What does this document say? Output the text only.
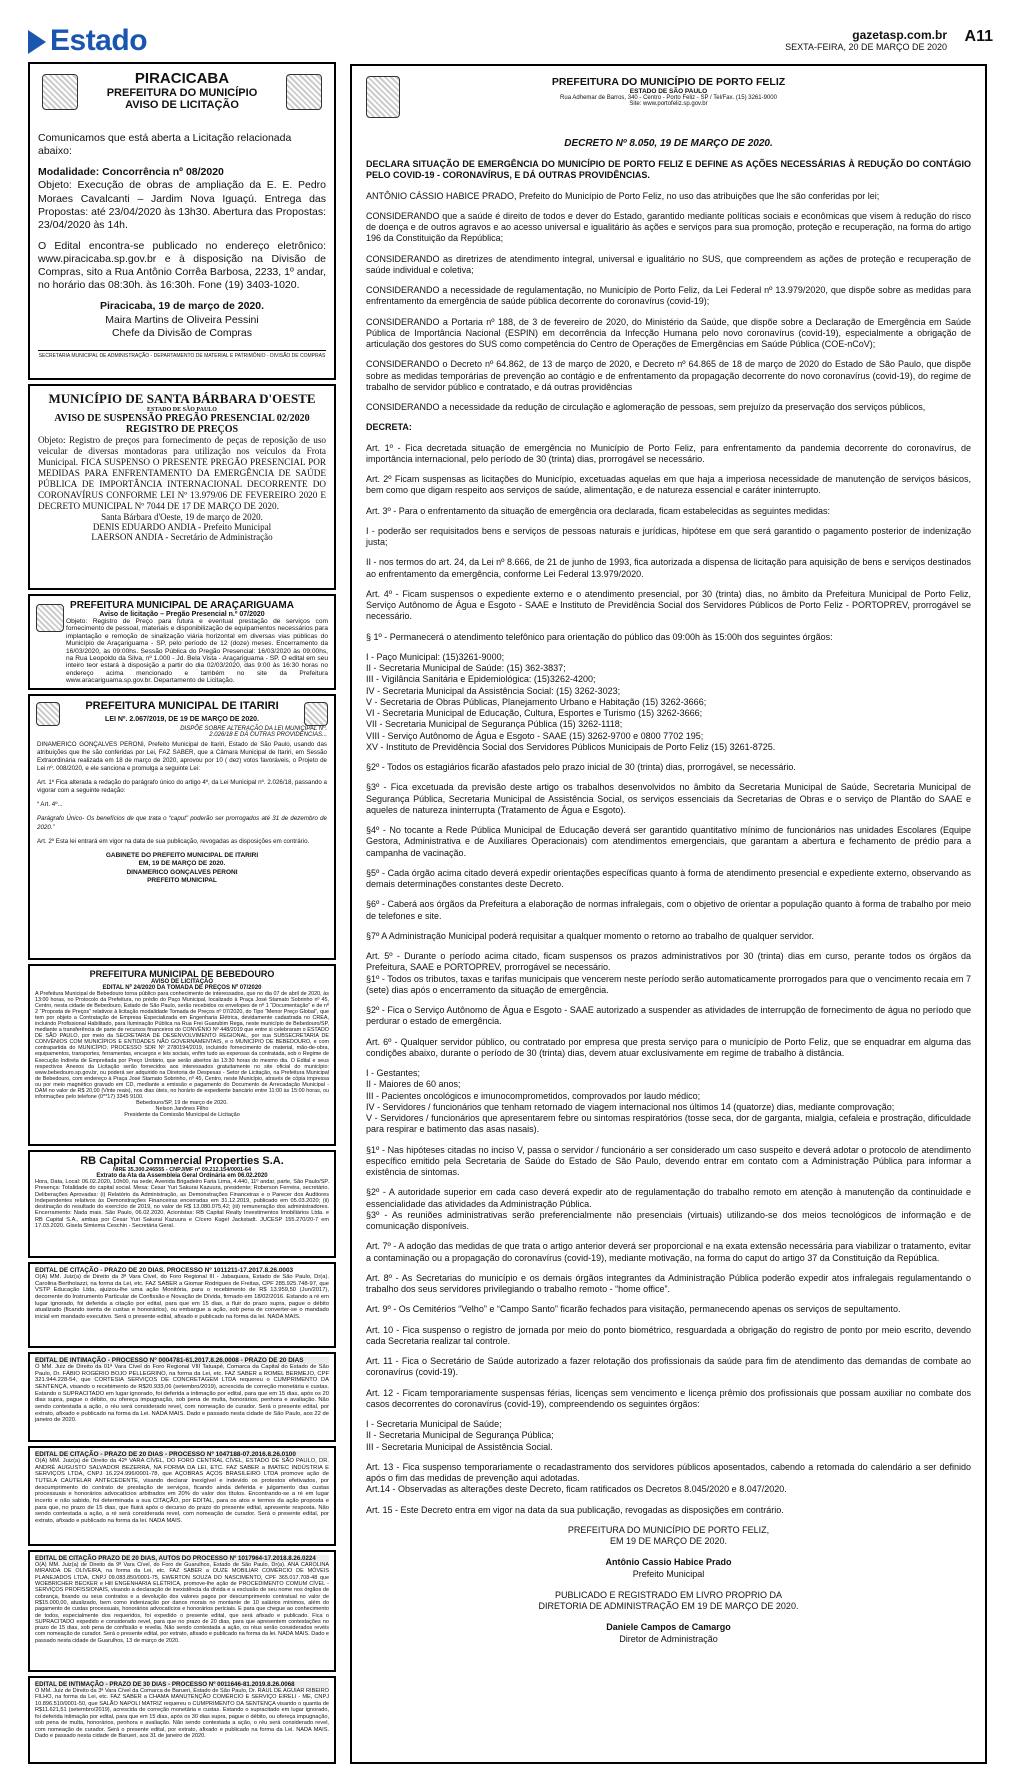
Estado	gazetasp.com.br
SEXTA-FEIRA, 20 DE MARÇO DE 2020
A11
PIRACICABA
PREFEITURA DO MUNICÍPIO
AVISO DE LICITAÇÃO
Comunicamos que está aberta a Licitação relacionada abaixo:
Modalidade: Concorrência nº 08/2020
Objeto: Execução de obras de ampliação da E. E. Pedro Moraes Cavalcanti – Jardim Nova Iguaçú. Entrega das Propostas: até 23/04/2020 às 13h30. Abertura das Propostas: 23/04/2020 às 14h.
O Edital encontra-se publicado no endereço eletrônico: www.piracicaba.sp.gov.br e à disposição na Divisão de Compras, sito a Rua Antônio Corrêa Barbosa, 2233, 1º andar, no horário das 08:30h. às 16:30h. Fone (19) 3403-1020.
Piracicaba, 19 de março de 2020.
Maira Martins de Oliveira Pessini
Chefe da Divisão de Compras
SECRETARIA MUNICIPAL DE ADMINISTRAÇÃO - DEPARTAMENTO DE MATERIAL E PATRIMÔNIO - DIVISÃO DE COMPRAS
MUNICÍPIO DE SANTA BÁRBARA D'OESTE
ESTADO DE SÃO PAULO
AVISO DE SUSPENSÃO PREGÃO PRESENCIAL 02/2020
REGISTRO DE PREÇOS
Objeto: Registro de preços para fornecimento de peças de reposição de uso veicular de diversas montadoras para utilização nos veículos da Frota Municipal. FICA SUSPENSO O PRESENTE PREGÃO PRESENCIAL POR MEDIDAS PARA ENFRENTAMENTO DA EMERGÊNCIA DE SAÚDE PÚBLICA DE IMPORTÂNCIA INTERNACIONAL DECORRENTE DO CORONAVÍRUS CONFORME LEI Nº 13.979/06 DE FEVEREIRO 2020 E DECRETO MUNICIPAL Nº 7044 DE 17 DE MARÇO DE 2020.
Santa Bárbara d'Oeste, 19 de março de 2020.
DENIS EDUARDO ANDIA - Prefeito Municipal
LAERSON ANDIA - Secretário de Administração
PREFEITURA MUNICIPAL DE ARAÇARIGUAMA
Aviso de licitação – Pregão Presencial n.º 07/2020
Objeto: Registro de Preço para futura e eventual prestação de serviços com fornecimento de pessoal, materiais e disponibilização de equipamentos necessários para implantação e remoção de sinalização viária horizontal em diversas vias públicas do Município de Araçariguama - SP, pelo período de 12 (doze) meses. Encerramento da 16/03/2020, às 09:00hs. Sessão Pública do Pregão Presencial: 16/03/2020 às 09:00hs, na Rua Leopoldo da Silva, nº 1.000 - Jd. Bela Vista - Araçariguama - SP. O edital em seu inteiro teor estará à disposição a partir do dia 02/03/2020, das 9:00 às 16:30 horas no endereço acima mencionado e também no site da Prefeitura www.aracariguama.sp.gov.br. Departamento de Licitação.
PREFEITURA MUNICIPAL DE ITARIRI
LEI Nº. 2.067/2019, DE 19 DE MARÇO DE 2020.
DISPÕE SOBRE ALTERAÇÃO DA LEI MUNICIPAL Nº. 2.026/18 E DÁ OUTRAS PROVIDÊNCIAS...

DINAMERICO GONÇALVES PERONI, Prefeito Municipal de Itariri, Estado de São Paulo, usando das atribuições que lhe são conferidas por Lei, FAZ SABER, que a Câmara Municipal de Itariri, em Sessão Extraordinária realizada em 18 de março de 2020, aprovou por 10 ( dez) votos favoráveis, o Projeto de Lei nº. 008/2020, e ele sanciona e promulga a seguinte Lei:

Art. 1º Fica alterada a redação do parágrafo único do artigo 4º, da Lei Municipal nº. 2.026/18, passando a vigorar com a seguinte redação:

“ Art. 4º...

Parágrafo Único- Os benefícios de que trata o “caput” poderão ser prorrogados até 31 de dezembro de 2020.”

Art. 2º Esta lei entrará em vigor na data de sua publicação, revogadas as disposições em contrário.

GABINETE DO PREFEITO MUNICIPAL DE ITARIRI
EM, 19 DE MARÇO DE 2020.
DINAMERICO GONÇALVES PERONI
PREFEITO MUNICIPAL
PREFEITURA MUNICIPAL DE BEBEDOURO
AVISO DE LICITAÇÃO
EDITAL Nº 24/2020 DA TOMADA DE PREÇOS Nº 07/2020
A Prefeitura Municipal de Bebedouro torna público para conhecimento de interessados, que no dia 07 de abril de 2020, às 13:00 horas, no Protocolo da Prefeitura, no prédio do Paço Municipal, localizado à Praça José Stamato Sobrinho nº 45, Centro, nesta cidade de Bebedouro, Estado de São Paulo, serão recebidos os envelopes de nº 1 “Documentação” e de nº 2 “Proposta de Preços” relativos à licitação modalidade Tomada de Preços nº 07/2020, do Tipo “Menor Preço Global”, que tem por objeto a Contratação de Empresa Especializada em Engenharia Elétrica, devidamente cadastrada no CREA, incluindo Profissional Habilitado, para Iluminação Pública na Rua Frei Guarubim Rega, neste município de Bebedouro/SP, mediante a transferência de parte de recursos financeiros do CONVÊNIO Nº 448/2019 que entre si celebraram o ESTADO DE SÃO PAULO, por meio da SECRETARIA DE DESENVOLVIMENTO REGIONAL, por sua SUBSECRETARIA DE CONVÊNIOS COM MUNICÍPIOS E ENTIDADES NÃO GOVERNAMENTAIS, e o MUNICÍPIO DE BEBEDOURO, e com contrapartida do MUNICÍPIO. PROCESSO SDR Nº 2780194/2019, incluindo fornecimento de material, mão-de-obra, equipamentos, transportes, ferramentas, encargos e leis sociais, enfim tudo as expensas da contratada, sob o Regime de Execução Indireta de Empreitada por Preço Unitário, que serão abertos às 13:30 horas do mesmo dia. O Edital e seus respectivos Anexos da Licitação serão fornecidos aos interessados gratuitamente no site oficial do município: www.bebedouro.sp.gov.br, ou poderá ser adquirido na Diretoria de Despesas - Setor de Licitação, na Prefeitura Municipal de Bebedouro, com endereço à Praça José Stamato Sobrinho, nº 45, Centro, neste Município, através de cópia impressa ou por meio magnético gravado em CD, mediante a emissão e pagamento do Documento de Arrecadação Municipal - DAM no valor de R$ 20,00 (Vinte reais), nos dias úteis, no horário de expediente bancário entre 11:00 às 15:00 horas, ou informações pelo telefone (0**17) 3345 9100.
Bebedouro/SP, 19 de março de 2020.
Nelson Janônes Filho
Presidente da Comissão Municipal de Licitação
RB Capital Commercial Properties S.A.
NIRE 35.300.246555 - CNPJ/MF nº 09.212.154/0001-64
Extrato da Ata da Assembleia Geral Ordinária em 06.02.2020
Hora, Data, Local: 06.02.2020, 10h00, na sede, Avenida Brigadeiro Faria Lima, 4.440, 11º andar, parte, São Paulo/SP. Presença: Totalidade do capital social. Mesa: Cesar Yuri Sakurai Kazuura, presidente; Roberson Ferreira, secretário. Deliberações Aprovadas: (i) Relatório da Administração, as Demonstrações Financeiras e o Parecer dos Auditores Independentes relativos às Demonstrações Financeiras encerradas em 31.12.2019, publicado em 05.03.2020; (ii) destinação do resultado do exercício de 2019, no valor de R$ 13.080.075,42; (iii) remuneração dos administradores. Encerramento: Nada mais. São Paulo, 06.02.2020. Acionistas: RB Capital Realty Investimentos Imobiliários Ltda. e RB Capital S.A., ambas por Cesar Yuri Sakurai Kazuura e Cícero Kugel Jackstadt. JUCESP 155.270/20-7 em 17.03.2020. Gisela Simiema Ceschin - Secretária Geral.
EDITAL DE CITAÇÃO - PRAZO DE 20 DIAS. PROCESSO Nº 1011211-17.2017.8.26.0003
O(A) MM. Juiz(a) de Direito da 3ª Vara Cível, do Foro Regional III - Jabaquara, Estado de São Paulo, Dr(a). Carolina Bertholazzi, na forma da Lei, etc. FAZ SABER a Giomar Rodrigues de Freitas, CPF 285.925.748-97, que VSTP Educação Ltda, ajuizou-lhe uma ação Monitória, para o recebimento de R$ 13.959,50 (Jun/2017), decorrente do Instrumento Particular de Confissão e Novação de Dívida, firmado em 18/02/2016. Estando a ré em lugar ignorado, foi deferida a citação por edital, para que em 15 dias, a fluir do prazo supra, pague o débito atualizado (ficando isenta de custas e honorários), ou embargue a ação, sob pena de converter-se o mandado inicial em mandado executivo. Será o presente edital, afixado e publicado na forma da lei. NADA MAIS.
EDITAL DE INTIMAÇÃO - PROCESSO Nº 0004781-61.2017.8.26.0008 - PRAZO DE 20 DIAS
O MM. Juiz de Direito da 01ª Vara Cível do Foro Regional VIII Tatuapé, Comarca da Capital do Estado de São Paulo, Dr. FÁBIO ROGÉRIO BOJO PELLEGRINO, na forma da Lei, etc. FAZ SABER a ROMEL BERMEJO, CPF 321.944.228-54, que CORTESIA SERVIÇOS DE CONCRETAGEM LTDA requereu o CUMPRIMENTO DA SENTENÇA, visando o recebimento de R$20.933,06 (setembro/2019), acrescida de correção monetária e custas. Estando o SUPRACITADO em lugar ignorado, foi deferida a intimação por edital, para que em 15 dias, após os 20 dias supra, pague o débito, ou ofereça impugnação, sob pena de multa, honorários, penhora e avaliação. Não sendo contestada a ação, o réu será considerado revel, com nomeação de curador. Será o presente edital, por extrato, afixado e publicado na forma da Lei. NADA MAIS. Dado e passado nesta cidade de São Paulo, aos 22 de janeiro de 2020.
EDITAL DE CITAÇÃO - PRAZO DE 20 DIAS - PROCESSO Nº 1047188-07.2016.8.26.0100
O(A) MM. Juiz(a) de Direito da 42ª VARA CÍVEL, DO FORO CENTRAL CÍVEL, ESTADO DE SÃO PAULO, DR. ANDRÉ AUGUSTO SALVADOR BEZERRA, NA FORMA DA LEI, ETC. FAZ SABER a IMATEC INDÚSTRIA E SERVIÇOS LTDA, CNPJ 16.224.996/0001-78, que AÇOBRAS AÇOS BRASILEIRO LTDA promove ação de TUTELA CAUTELAR ANTECEDENTE, visando declarar inexigível e indevido os protestos efetivados, por descumprimento do contrato de prestação de serviços, ficando ainda deferida e julgamento das custas processuais e honorários advocatícios arbitrados em 20% do valor dos títulos. Encontrando-se a ré em lugar incerto e não sabido, foi determinada a sua CITAÇÃO, por EDITAL, para os atos e termos da ação proposta e para que, no prazo de 15 dias, que fluirá após o decurso do prazo do presente edital, apresente resposta. Não sendo contestada a ação, a ré será considerada revel, com nomeação de curador. Será o presente edital, por extrato, afixado e publicado na forma da lei. NADA MAIS.
EDITAL DE CITAÇÃO PRAZO DE 20 DIAS, AUTOS DO PROCESSO Nº 1017964-17.2018.8.26.0224
O(A) MM. Juiz(a) de Direito da 9ª Vara Cível, do Foro de Guarulhos, Estado de São Paulo, Dr(a). ANA CAROLINA MIRANDA DE OLIVEIRA, na forma da Lei, etc. FAZ SABER a OUZE MOBILIAR COMÉRCIO DE MÓVEIS PLANEJADOS LTDA, CNPJ 09.083.850/0001-75, EWERTON SOUZA DO NASCIMENTO, CPF 365.017.708-48 que WOEBRICHER BECKER e Hill ENGENHARIA ELÉTRICA, promove-lhe ação de PROCEDIMENTO COMUM CÍVEL - SERVIÇOS PROFISSIONAIS, visando a declaração de inexistência da dívida e a exclusão de seu nome nos órgãos de cobrança, fixando ou seus contratos e a devolução dos valores pagos por descumprimento contratual no valor de R$15.000,00, atualizado, bem como indenização por danos morais no montante de 10 salários mínimos, além do pagamento de custas processuais, honorários advocatícios e honorários periciais. E para que chegue ao conhecimento de todos, especialmente dos requeridos, foi expedido o presente edital, que será afixado e publicado. Fica o SUPRACITADO expedido e considerado revel, para que no prazo de 20 dias, para que apresentem contestações no prazo de 15 dias, sob pena de confissão e revelia. Não sendo contestada a ação, os réus serão considerados revéis com nomeação de curador. Será o presente edital, por extrato, afixado e publicado na forma da lei. NADA MAIS. Dado e passado nesta cidade de Guarulhos, 13 de março de 2020.
EDITAL DE INTIMAÇÃO - PRAZO DE 30 DIAS - PROCESSO Nº 0011646-81.2019.8.26.0068
O MM. Juiz de Direito da 3ª Vara Cível da Comarca de Barueri, Estado de São Paulo, Dr. RAUL DE AGUIAR RIBEIRO FILHO, na forma da Lei, etc. FAZ SABER a CHAMA MANUTENÇÃO COMÉRCIO E SERVIÇO EIRELI - ME, CNPJ 10.896.510/0001-50, que SALÃO NAPOLI MATRIZ requereu o CUMPRIMENTO DA SENTENÇA visando o quantia de R$11.621,51 (setembro/2019), acrescida de correção monetária e custas. Estando o supracitado em lugar ignorado, foi deferida intimação por edital, para que em 15 dias, após os 30 dias supra, pague o débito, ou ofereça impugnação, sob pena de multa, honorários, penhora e avaliação. Não sendo contestada a ação, o réu será considerado revel, com nomeação de curador. Será o presente edital, por extrato, afixado e publicado na forma da Lei. NADA MAIS. Dado e passado nesta cidade de Barueri, aos 31 de janeiro de 2020.
PREFEITURA DO MUNICÍPIO DE PORTO FELIZ
ESTADO DE SÃO PAULO
Rua Adhemar de Barros, 340 - Centro - Porto Feliz - SP / Tel/Fax. (15) 3261-9000
Site: www.portofeliz.sp.gov.br
DECRETO Nº 8.050, 19 DE MARÇO DE 2020.
DECLARA SITUAÇÃO DE EMERGÊNCIA DO MUNICÍPIO DE PORTO FELIZ E DEFINE AS AÇÕES NECESSÁRIAS À REDUÇÃO DO CONTÁGIO PELO COVID-19 - CORONAVÍRUS, E DÁ OUTRAS PROVIDÊNCIAS.

ANTÔNIO CÁSSIO HABICE PRADO, Prefeito do Município de Porto Feliz, no uso das atribuições que lhe são conferidas por lei;

CONSIDERANDO que a saúde é direito de todos e dever do Estado, garantido mediante políticas sociais e econômicas que visem à redução do risco de doença e de outros agravos e ao acesso universal e igualitário às ações e serviços para sua promoção, proteção e recuperação, na forma do artigo 196 da Constituição da República;

CONSIDERANDO as diretrizes de atendimento integral, universal e igualitário no SUS, que compreendem as ações de proteção e recuperação de saúde individual e coletiva;

CONSIDERANDO a necessidade de regulamentação, no Município de Porto Feliz, da Lei Federal nº 13.979/2020, que dispõe sobre as medidas para enfrentamento da emergência de saúde pública decorrente do coronavírus (covid-19);

CONSIDERANDO a Portaria nº 188, de 3 de fevereiro de 2020, do Ministério da Saúde, que dispõe sobre a Declaração de Emergência em Saúde Pública de Importância Nacional (ESPIN) em decorrência da Infecção Humana pelo novo coronavírus (covid-19), especialmente a obrigação de articulação dos gestores do SUS como competência do Centro de Operações de Emergências em Saúde Pública (COE-nCoV);

CONSIDERANDO o Decreto nº 64.862, de 13 de março de 2020, e Decreto nº 64.865 de 18 de março de 2020 do Estado de São Paulo, que dispõe sobre as medidas temporárias de prevenção ao contágio e de enfrentamento da propagação decorrente do novo coronavírus (covid-19), do regime de trabalho de servidor público e contratado, e dá outras providências

CONSIDERANDO a necessidade da redução de circulação e aglomeração de pessoas, sem prejuízo da preservação dos serviços públicos,

DECRETA:

Art. 1º - Fica decretada situação de emergência no Município de Porto Feliz, para enfrentamento da pandemia decorrente do coronavírus, de importância internacional, pelo período de 30 (trinta) dias, prorrogável se necessário.

Art. 2º Ficam suspensas as licitações do Município, excetuadas aquelas em que haja a imperiosa necessidade de manutenção de serviços básicos, bem como que digam respeito aos serviços de saúde, alimentação, e de natureza essencial e caráter ininterrupto.

Art. 3º - Para o enfrentamento da situação de emergência ora declarada, ficam estabelecidas as seguintes medidas:

I - poderão ser requisitados bens e serviços de pessoas naturais e jurídicas, hipótese em que será garantido o pagamento posterior de indenização justa;

II - nos termos do art. 24, da Lei nº 8.666, de 21 de junho de 1993, fica autorizada a dispensa de licitação para aquisição de bens e serviços destinados ao enfrentamento da emergência, conforme Lei Federal 13.979/2020.

Art. 4º - Ficam suspensos o expediente externo e o atendimento presencial, por 30 (trinta) dias, no âmbito da Prefeitura Municipal de Porto Feliz, Serviço Autônomo de Água e Esgoto - SAAE e Instituto de Previdência Social dos Servidores Públicos de Porto Feliz - PORTOPREV, prorrogável se necessário.

§ 1º - Permanecerá o atendimento telefônico para orientação do público das 09:00h às 15:00h dos seguintes órgãos:

I - Paço Municipal: (15)3261-9000;
II - Secretaria Municipal de Saúde: (15) 362-3837;
III - Vigilância Sanitária e Epidemiológica: (15)3262-4200;
IV - Secretaria Municipal da Assistência Social: (15) 3262-3023;
V - Secretaria de Obras Públicas, Planejamento Urbano e Habitação (15) 3262-3666;
VI - Secretaria Municipal de Educação, Cultura, Esportes e Turismo (15) 3262-3666;
VII - Secretaria Municipal de Segurança Pública (15) 3262-1118;
VIII - Serviço Autônomo de Água e Esgoto - SAAE (15) 3262-9700 e 0800 7702 195;
XV - Instituto de Previdência Social dos Servidores Públicos Municipais de Porto Feliz (15) 3261-8725.

§2º - Todos os estagiários ficarão afastados pelo prazo inicial de 30 (trinta) dias, prorrogável, se necessário.

§3º - Fica excetuada da previsão deste artigo os trabalhos desenvolvidos no âmbito da Secretaria Municipal de Saúde, Secretaria Municipal de Segurança Pública, Secretaria Municipal de Assistência Social, os serviços essenciais da Secretarias de Obras e o serviço de Plantão do SAAE e aqueles de natureza ininterrupta (Tratamento de Água e Esgoto).

§4º - No tocante a Rede Pública Municipal de Educação deverá ser garantido quantitativo mínimo de funcionários nas unidades Escolares (Equipe Gestora, Administrativa e de Auxiliares Operacionais) com atendimentos emergenciais, que garantam a abertura e fechamento de prédio para a campanha de vacinação.

§5º - Cada órgão acima citado deverá expedir orientações específicas quanto à forma de atendimento presencial e expediente externo, observando as demais determinações constantes deste Decreto.

§6º - Caberá aos órgãos da Prefeitura a elaboração de normas infralegais, com o objetivo de orientar a população quanto à forma de trabalho por meio de telefones e site.

§7º A Administração Municipal poderá requisitar a qualquer momento o retorno ao trabalho de qualquer servidor.

Art. 5º - Durante o período acima citado, ficam suspensos os prazos administrativos por 30 (trinta) dias em curso, perante todos os órgãos da Prefeitura, SAAE e PORTOPREV, prorrogável se necessário.
§1º - Todos os tributos, taxas e tarifas municipais que vencerem neste período serão automaticamente prorrogados para que o vencimento recaia em 7 (sete) dias após o encerramento da situação de emergência.

§2º - Fica o Serviço Autônomo de Água e Esgoto - SAAE autorizado a suspender as atividades de interrupção de fornecimento de água no período que perdurar o estado de emergência.

Art. 6º - Qualquer servidor público, ou contratado por empresa que presta serviço para o município de Porto Feliz, que se enquadrar em alguma das condições abaixo, durante o período de 30 (trinta) dias, devem atuar exclusivamente em regime de trabalho à distância.

I - Gestantes;
II - Maiores de 60 anos;
III - Pacientes oncológicos e imunocomprometidos, comprovados por laudo médico;
IV - Servidores / funcionários que tenham retornado de viagem internacional nos últimos 14 (quatorze) dias, mediante comprovação;
V - Servidores / funcionários que apresentarem febre ou sintomas respiratórios (tosse seca, dor de garganta, mialgia, cefaleia e prostração, dificuldade para respirar e batimento das asas nasais).

§1º - Nas hipóteses citadas no inciso V, passa o servidor / funcionário a ser considerado um caso suspeito e deverá adotar o protocolo de atendimento específico emitido pela Secretaria de Saúde do Estado de São Paulo, devendo entrar em contato com a Administração Pública para informar a existência de sintomas.

§2º - A autoridade superior em cada caso deverá expedir ato de regulamentação do trabalho remoto em atenção à manutenção da continuidade e essencialidade das atividades da Administração Pública.
§3º - As reuniões administrativas serão preferencialmente não presenciais (virtuais) utilizando-se dos meios tecnológicos de informação e de comunicação disponíveis.

Art. 7º - A adoção das medidas de que trata o artigo anterior deverá ser proporcional e na exata extensão necessária para viabilizar o tratamento, evitar a contaminação ou a propagação do coronavírus (covid-19), mediante motivação, na forma do caput do artigo 37 da Constituição da República.

Art. 8º - As Secretarias do município e os demais órgãos integrantes da Administração Pública poderão expedir atos infralegais regulamentando o trabalho dos seus servidores privilegiando o trabalho remoto - “home office”.

Art. 9º - Os Cemitérios “Velho” e “Campo Santo” ficarão fechados para visitação, permanecendo apenas os serviços de sepultamento.

Art. 10 - Fica suspenso o registro de jornada por meio do ponto biométrico, resguardada a obrigação do registro de ponto por meio escrito, devendo cada Secretaria realizar tal controle.

Art. 11 - Fica o Secretário de Saúde autorizado a fazer relotação dos profissionais da saúde para fim de atendimento das demandas de combate ao coronavírus (covid-19).

Art. 12 - Ficam temporariamente suspensas férias, licenças sem vencimento e licença prêmio dos profissionais que possam auxiliar no combate dos casos decorrentes do coronavírus (covid-19), compreendendo os seguintes órgãos:

I - Secretaria Municipal de Saúde;
II - Secretaria Municipal de Segurança Pública;
III - Secretaria Municipal de Assistência Social.

Art. 13 - Fica suspenso temporariamente o recadastramento dos servidores públicos aposentados, cabendo a retomada do calendário a ser definido após o fim das medidas de prevenção aqui adotadas.
Art.14 - Observadas as alterações deste Decreto, ficam ratificados os Decretos 8.045/2020 e 8.047/2020.

Art. 15 - Este Decreto entra em vigor na data da sua publicação, revogadas as disposições em contrário.

PREFEITURA DO MUNICÍPIO DE PORTO FELIZ,
EM 19 DE MARÇO DE 2020.
Antônio Cassio Habice Prado
Prefeito Municipal
PUBLICADO E REGISTRADO EM LIVRO PROPRIO DA
DIRETORIA DE ADMINISTRAÇÃO EM 19 DE MARÇO DE 2020.
Daniele Campos de Camargo
Diretor de Administração
